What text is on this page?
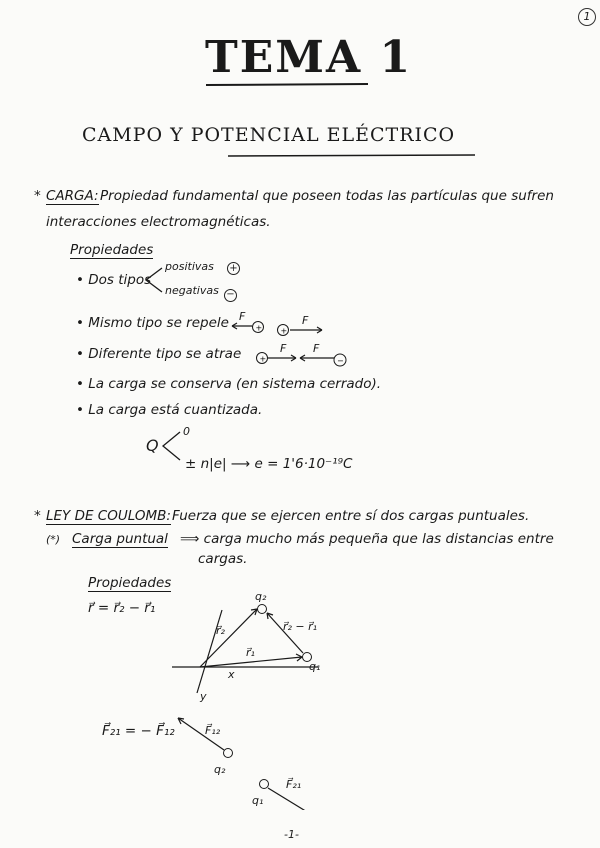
1
TEMA 1
CAMPO Y POTENCIAL ELÉCTRICO
* CARGA: Propiedad fundamental que poseen todas las partículas que sufren
interacciones electromagnéticas.
Propiedades
• Dos tipos
positivas +
negativas −
• Mismo tipo se repele	+ +
F	F
• Diferente tipo se atrae +	−
F F
• La carga se conserva (en sistema cerrado).
• La carga está cuantizada.
Q
0
± n|e| ⟶ e = 1'6·10⁻¹⁹C
* LEY DE COULOMB: Fuerza que se ejercen entre sí dos cargas puntuales.
(*) Carga puntual ⟹ carga mucho más pequeña que las distancias entre
cargas.
Propiedades
r⃗ = r⃗₂ − r⃗₁
q₂
q₁
r⃗₂
r⃗₁
r⃗₂ − r⃗₁
x
y
F⃗₂₁ = − F⃗₁₂	F⃗₁₂
q₂
q₁
F⃗₂₁
-1-
